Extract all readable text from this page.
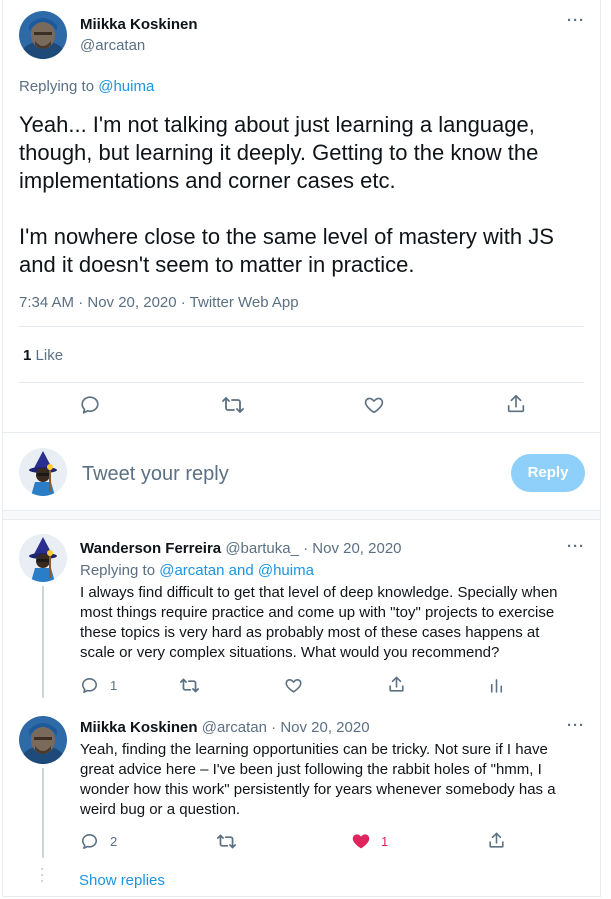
Miikka Koskinen
@arcatan
···
Replying to @huima
Yeah... I'm not talking about just learning a language,
though, but learning it deeply. Getting to the know the
implementations and corner cases etc.
I'm nowhere close to the same level of mastery with JS
and it doesn't seem to matter in practice.
7:34 AM · Nov 20, 2020 · Twitter Web App
1 Like
Tweet your reply	Reply
Wanderson Ferreira @bartuka_ · Nov 20, 2020	···
Replying to @arcatan and @huima
I always find difficult to get that level of deep knowledge. Specially when
most things require practice and come up with "toy" projects to exercise
these topics is very hard as probably most of these cases happens at
scale or very complex situations. What would you recommend?
1
Miikka Koskinen @arcatan · Nov 20, 2020	···
Yeah, finding the learning opportunities can be tricky. Not sure if I have
great advice here – I've been just following the rabbit holes of "hmm, I
wonder how this work" persistently for years whenever somebody has a
weird bug or a question.
2	1
Show replies
